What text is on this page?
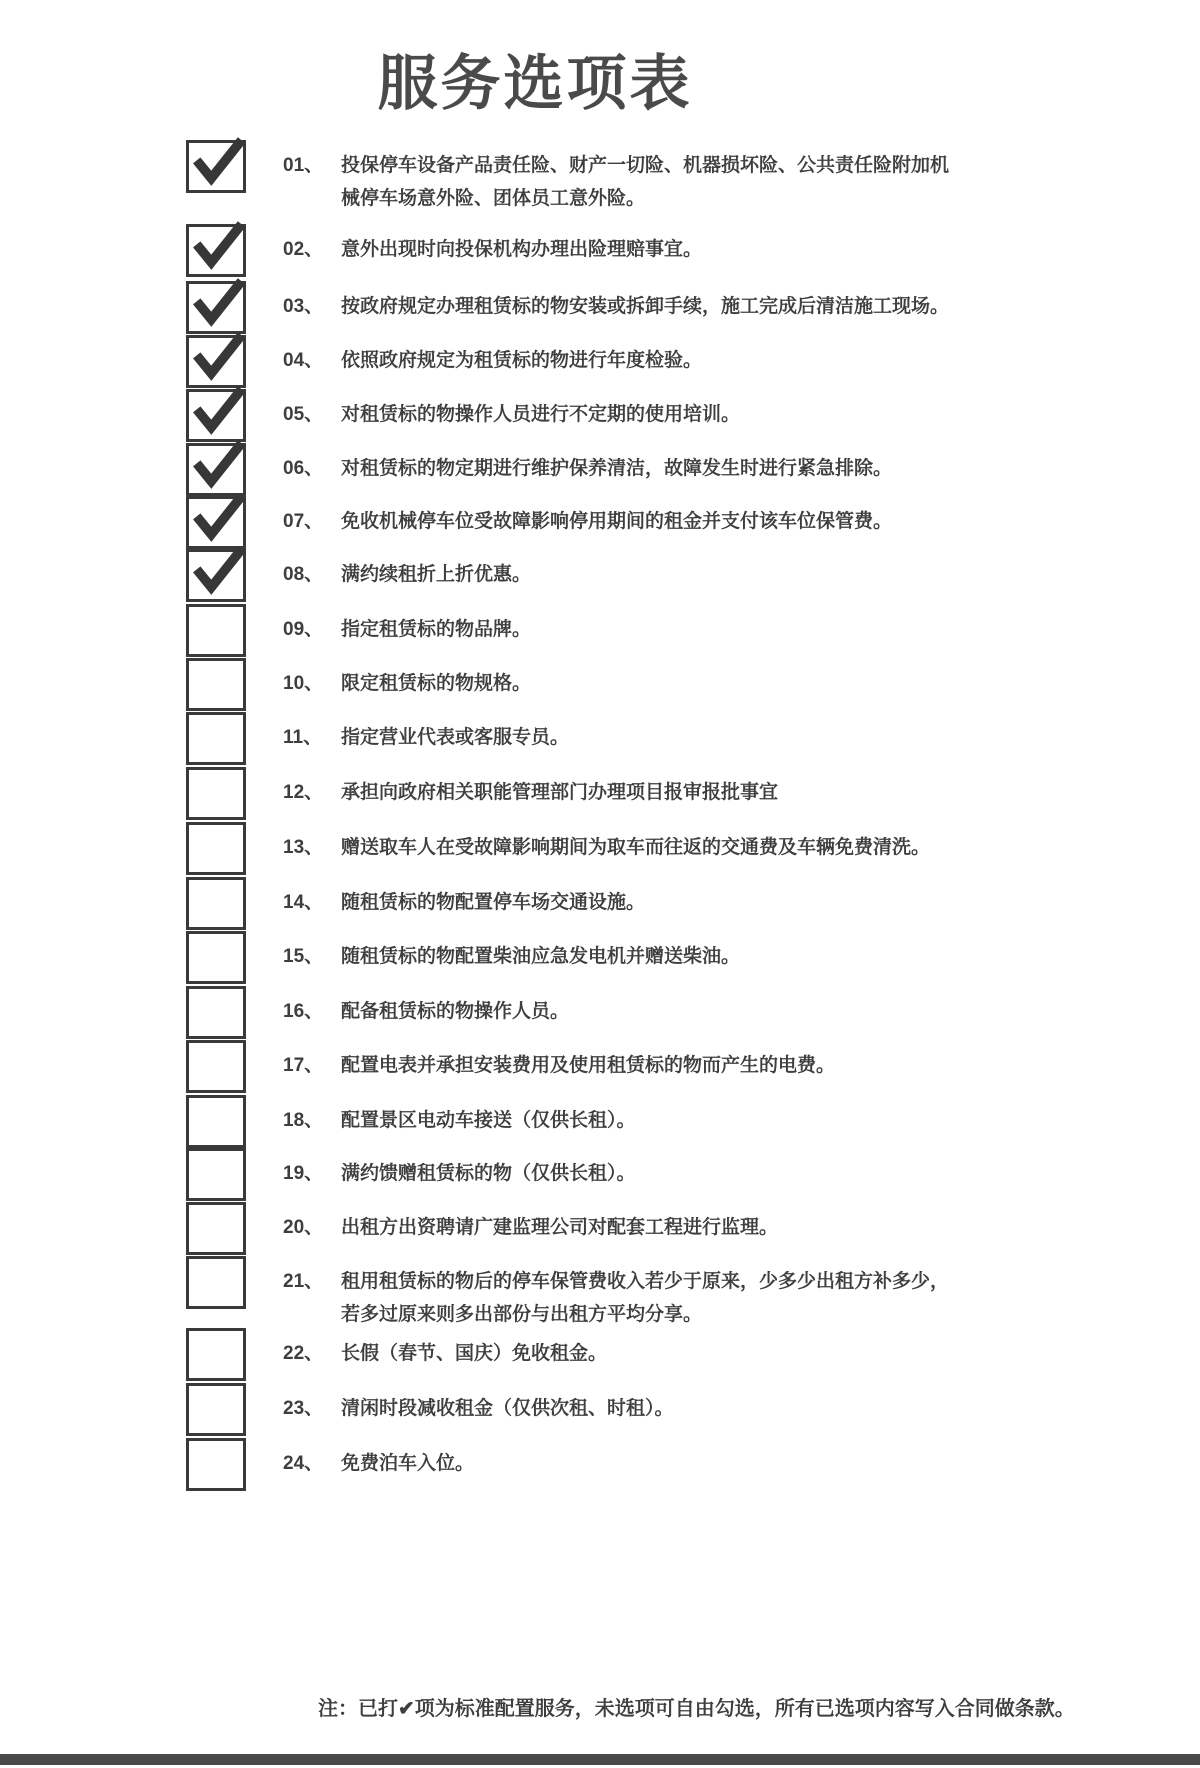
服务选项表
01、 投保停车设备产品责任险、财产一切险、机器损坏险、公共责任险附加机械停车场意外险、团体员工意外险。
02、 意外出现时向投保机构办理出险理赔事宜。
03、 按政府规定办理租赁标的物安装或拆卸手续，施工完成后清洁施工现场。
04、 依照政府规定为租赁标的物进行年度检验。
05、 对租赁标的物操作人员进行不定期的使用培训。
06、 对租赁标的物定期进行维护保养清洁，故障发生时进行紧急排除。
07、 免收机械停车位受故障影响停用期间的租金并支付该车位保管费。
08、 满约续租折上折优惠。
09、 指定租赁标的物品牌。
10、 限定租赁标的物规格。
11、 指定营业代表或客服专员。
12、 承担向政府相关职能管理部门办理项目报审报批事宜
13、 赠送取车人在受故障影响期间为取车而往返的交通费及车辆免费清洗。
14、 随租赁标的物配置停车场交通设施。
15、 随租赁标的物配置柴油应急发电机并赠送柴油。
16、 配备租赁标的物操作人员。
17、 配置电表并承担安装费用及使用租赁标的物而产生的电费。
18、 配置景区电动车接送（仅供长租）。
19、 满约馈赠租赁标的物（仅供长租）。
20、 出租方出资聘请广建监理公司对配套工程进行监理。
21、 租用租赁标的物后的停车保管费收入若少于原来，少多少出租方补多少，若多过原来则多出部份与出租方平均分享。
22、 长假（春节、国庆）免收租金。
23、 清闲时段减收租金（仅供次租、时租）。
24、 免费泊车入位。
注：已打✔项为标准配置服务，未选项可自由勾选，所有已选项内容写入合同做条款。
